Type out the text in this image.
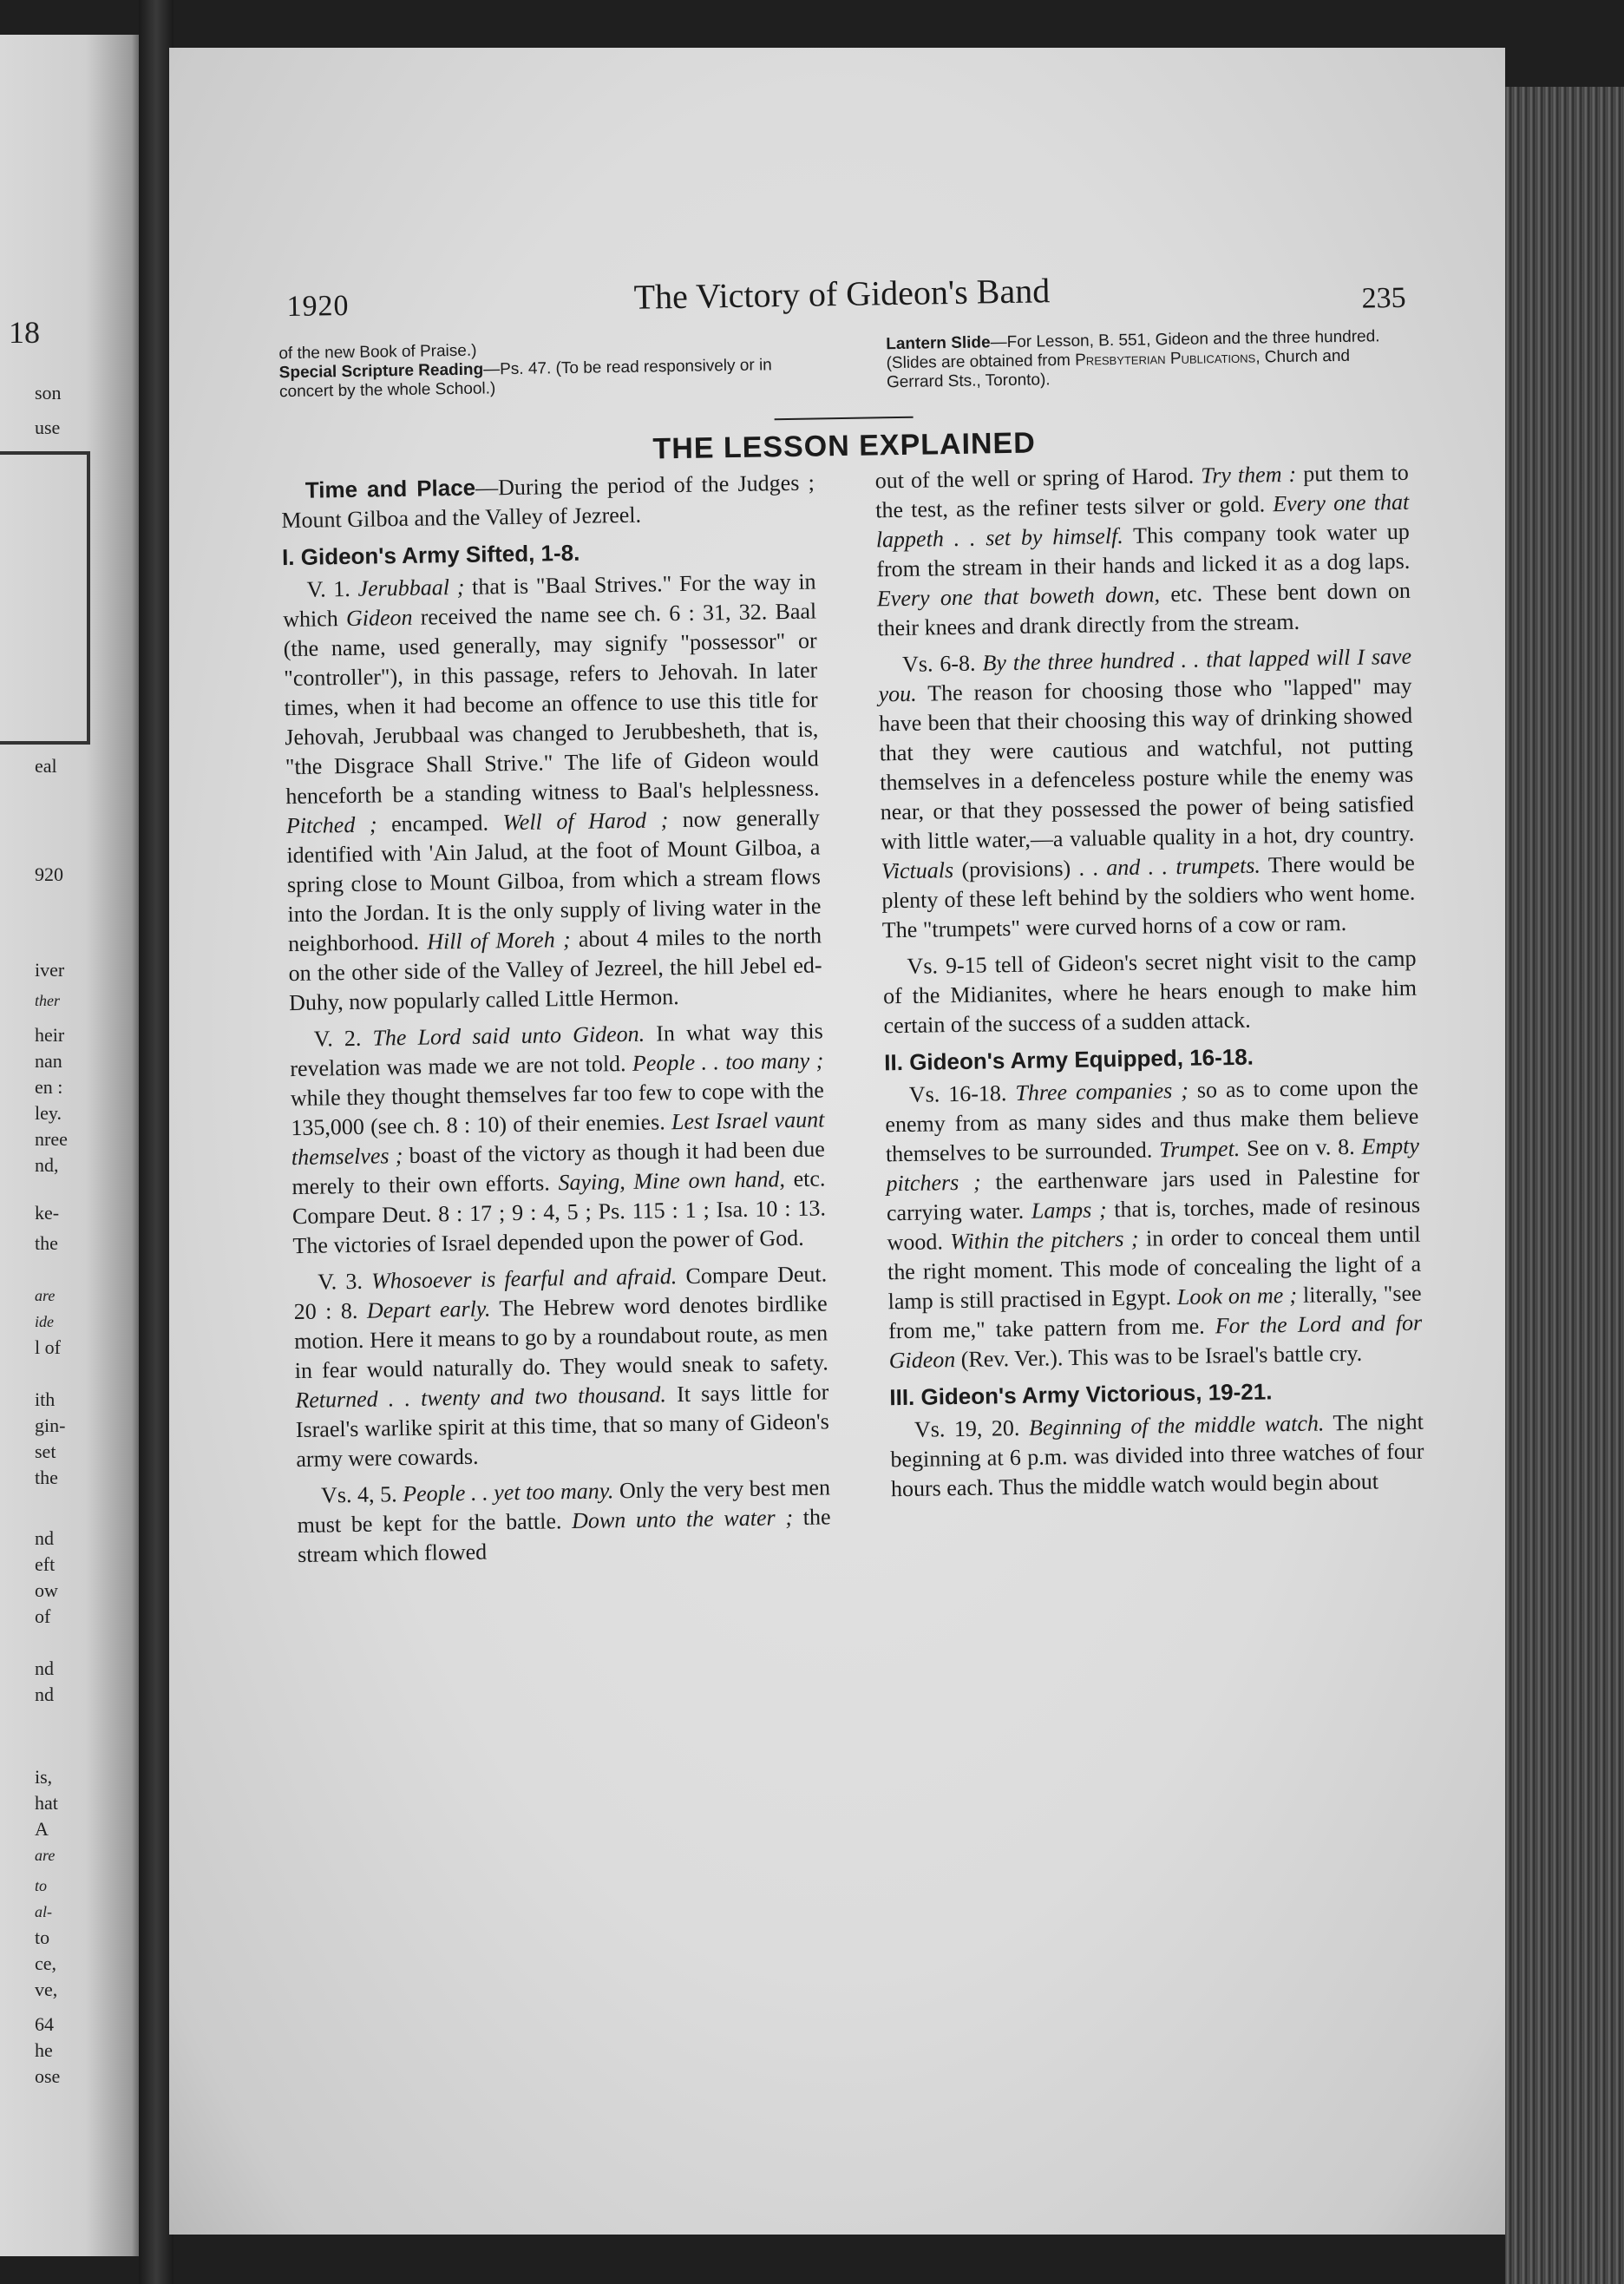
18
son
use
eal
920
iver
ther
heir
nan
en :
ley.
nree
nd,
ke-
the
are
ide
l of
ith
gin-
set
the
nd
eft
ow
of
nd
nd
is,
hat
A
are
to
al-
to
ce,
ve,
64
he
ose
1920	The Victory of Gideon's Band	235
of the new Book of Praise.)
Special Scripture Reading—Ps. 47. (To be read responsively or in concert by the whole School.)
Lantern Slide—For Lesson, B. 551, Gideon and the three hundred. (Slides are obtained from Presbyterian Publications, Church and Gerrard Sts., Toronto).
THE LESSON EXPLAINED

Time and Place—During the period of the Judges ; Mount Gilboa and the Valley of Jezreel.

I. Gideon's Army Sifted, 1-8.

V. 1. Jerubbaal ; that is "Baal Strives." For the way in which Gideon received the name see ch. 6 : 31, 32. Baal (the name, used generally, may signify "possessor" or "controller"), in this passage, refers to Jehovah. In later times, when it had become an offence to use this title for Jehovah, Jerubbaal was changed to Jerubbesheth, that is, "the Disgrace Shall Strive." The life of Gideon would henceforth be a standing witness to Baal's helplessness. Pitched ; encamped. Well of Harod ; now generally identified with 'Ain Jalud, at the foot of Mount Gilboa, a spring close to Mount Gilboa, from which a stream flows into the Jordan. It is the only supply of living water in the neighborhood. Hill of Moreh ; about 4 miles to the north on the other side of the Valley of Jezreel, the hill Jebel ed-Duhy, now popularly called Little Hermon.

V. 2. The Lord said unto Gideon. In what way this revelation was made we are not told. People . . too many ; while they thought themselves far too few to cope with the 135,000 (see ch. 8 : 10) of their enemies. Lest Israel vaunt themselves ; boast of the victory as though it had been due merely to their own efforts. Saying, Mine own hand, etc. Compare Deut. 8 : 17 ; 9 : 4, 5 ; Ps. 115 : 1 ; Isa. 10 : 13. The victories of Israel depended upon the power of God.

V. 3. Whosoever is fearful and afraid. Compare Deut. 20 : 8. Depart early. The Hebrew word denotes birdlike motion. Here it means to go by a roundabout route, as men in fear would naturally do. They would sneak to safety. Returned . . twenty and two thousand. It says little for Israel's warlike spirit at this time, that so many of Gideon's army were cowards.

Vs. 4, 5. People . . yet too many. Only the very best men must be kept for the battle. Down unto the water ; the stream which flowed

out of the well or spring of Harod. Try them : put them to the test, as the refiner tests silver or gold. Every one that lappeth . . set by himself. This company took water up from the stream in their hands and licked it as a dog laps. Every one that boweth down, etc. These bent down on their knees and drank directly from the stream.

Vs. 6-8. By the three hundred . . that lapped will I save you. The reason for choosing those who "lapped" may have been that their choosing this way of drinking showed that they were cautious and watchful, not putting themselves in a defenceless posture while the enemy was near, or that they possessed the power of being satisfied with little water,—a valuable quality in a hot, dry country. Victuals (provisions) . . and . . trumpets. There would be plenty of these left behind by the soldiers who went home. The "trumpets" were curved horns of a cow or ram.

Vs. 9-15 tell of Gideon's secret night visit to the camp of the Midianites, where he hears enough to make him certain of the success of a sudden attack.

II. Gideon's Army Equipped, 16-18.

Vs. 16-18. Three companies ; so as to come upon the enemy from as many sides and thus make them believe themselves to be surrounded. Trumpet. See on v. 8. Empty pitchers ; the earthenware jars used in Palestine for carrying water. Lamps ; that is, torches, made of resinous wood. Within the pitchers ; in order to conceal them until the right moment. This mode of concealing the light of a lamp is still practised in Egypt. Look on me ; literally, "see from me," take pattern from me. For the Lord and for Gideon (Rev. Ver.). This was to be Israel's battle cry.

III. Gideon's Army Victorious, 19-21.

Vs. 19, 20. Beginning of the middle watch. The night beginning at 6 p.m. was divided into three watches of four hours each. Thus the middle watch would begin about
